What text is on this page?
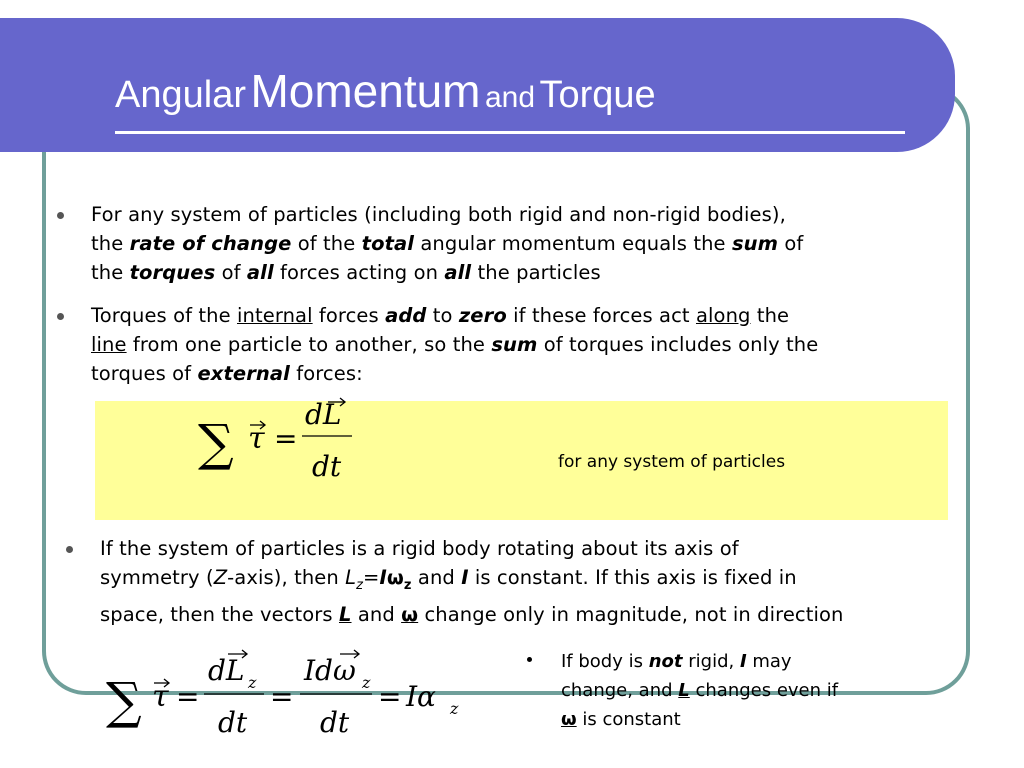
Angular Momentum and Torque
For any system of particles (including both rigid and non-rigid bodies),
the rate of change of the total angular momentum equals the sum of
the torques of all forces acting on all the particles
Torques of the internal forces add to zero if these forces act along the
line from one particle to another, so the sum of torques includes only the
torques of external forces:
∑ τ =
dL
dt	for any system of particles
If the system of particles is a rigid body rotating about its axis of
symmetry (Z-axis), then $L_z=I\omega_z$ and I is constant. If this axis is fixed in
space, then the vectors L and ω change only in magnitude, not in direction
∑ τ =
dL z
dt
=
Idω z
dt
= Iα z
If body is not rigid, I may
change, and L changes even if
ω is constant
